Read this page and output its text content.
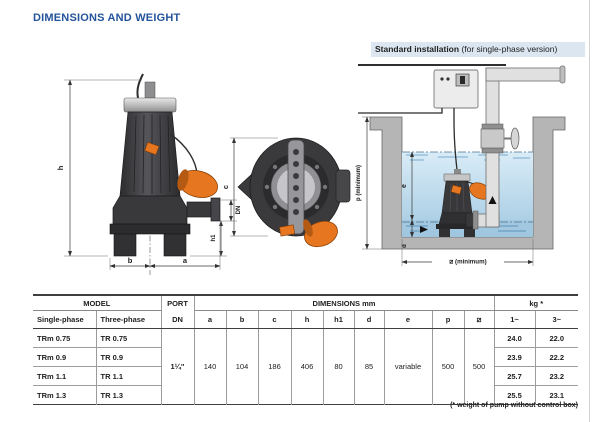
DIMENSIONS AND WEIGHT
h
DN
h1
b	a
c
Standard installation (for single-phase version)
p (minimum)	e
d
⧄ (minimum)
MODEL		PORT	DIMENSIONS mm									kg *	
Single-phase	Three-phase	DN	a	b	c	h	h1	d	e	p	⧄	1~	3~
TRm 0.75	TR 0.75	1¼"	140	104	186	406	80	85	variable	500	500	24.0	22.0
TRm 0.9	TR 0.9											23.9	22.2
TRm 1.1	TR 1.1											25.7	23.2
TRm 1.3	TR 1.3											25.5	23.1
(* weight of pump without control box)
